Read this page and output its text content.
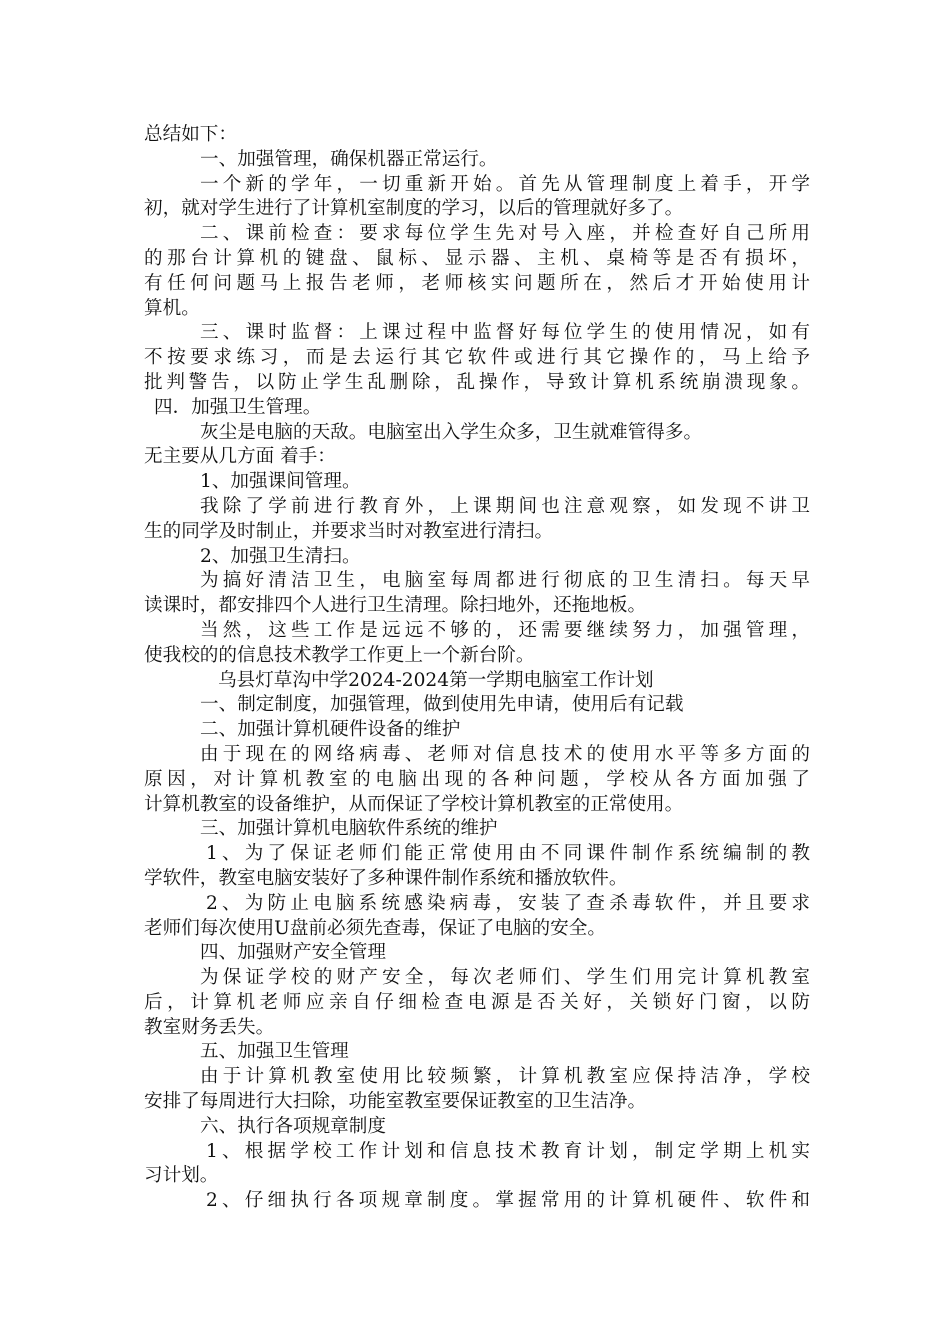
总结如下：
一、加强管理，确保机器正常运行。
一个新的学年，一切重新开始。首先从管理制度上着手，开学
初，就对学生进行了计算机室制度的学习，以后的管理就好多了。
二、课前检查：要求每位学生先对号入座，并检查好自己所用
的那台计算机的键盘、鼠标、显示器、主机、桌椅等是否有损坏，
有任何问题马上报告老师，老师核实问题所在，然后才开始使用计
算机。
三、课时监督：上课过程中监督好每位学生的使用情况，如有
不按要求练习，而是去运行其它软件或进行其它操作的，马上给予
批判警告，以防止学生乱删除，乱操作，导致计算机系统崩溃现象。
四．加强卫生管理。
灰尘是电脑的天敌。电脑室出入学生众多，卫生就难管得多。
无主要从几方面 着手：
1、加强课间管理。
我除了学前进行教育外，上课期间也注意观察，如发现不讲卫
生的同学及时制止，并要求当时对教室进行清扫。
2、加强卫生清扫。
为搞好清洁卫生，电脑室每周都进行彻底的卫生清扫。每天早
读课时，都安排四个人进行卫生清理。除扫地外，还拖地板。
当然，这些工作是远远不够的，还需要继续努力，加强管理，
使我校的的信息技术教学工作更上一个新台阶。
乌县灯草沟中学2024-2024第一学期电脑室工作计划
一、制定制度，加强管理，做到使用先申请，使用后有记载
二、加强计算机硬件设备的维护
由于现在的网络病毒、老师对信息技术的使用水平等多方面的
原因，对计算机教室的电脑出现的各种问题，学校从各方面加强了
计算机教室的设备维护，从而保证了学校计算机教室的正常使用。
三、加强计算机电脑软件系统的维护
1、为了保证老师们能正常使用由不同课件制作系统编制的教
学软件，教室电脑安装好了多种课件制作系统和播放软件。
2、为防止电脑系统感染病毒，安装了查杀毒软件，并且要求
老师们每次使用U盘前必须先查毒，保证了电脑的安全。
四、加强财产安全管理
为保证学校的财产安全，每次老师们、学生们用完计算机教室
后，计算机老师应亲自仔细检查电源是否关好，关锁好门窗，以防
教室财务丢失。
五、加强卫生管理
由于计算机教室使用比较频繁，计算机教室应保持洁净，学校
安排了每周进行大扫除，功能室教室要保证教室的卫生洁净。
六、执行各项规章制度
1、根据学校工作计划和信息技术教育计划，制定学期上机实
习计划。
2、仔细执行各项规章制度。掌握常用的计算机硬件、软件和
